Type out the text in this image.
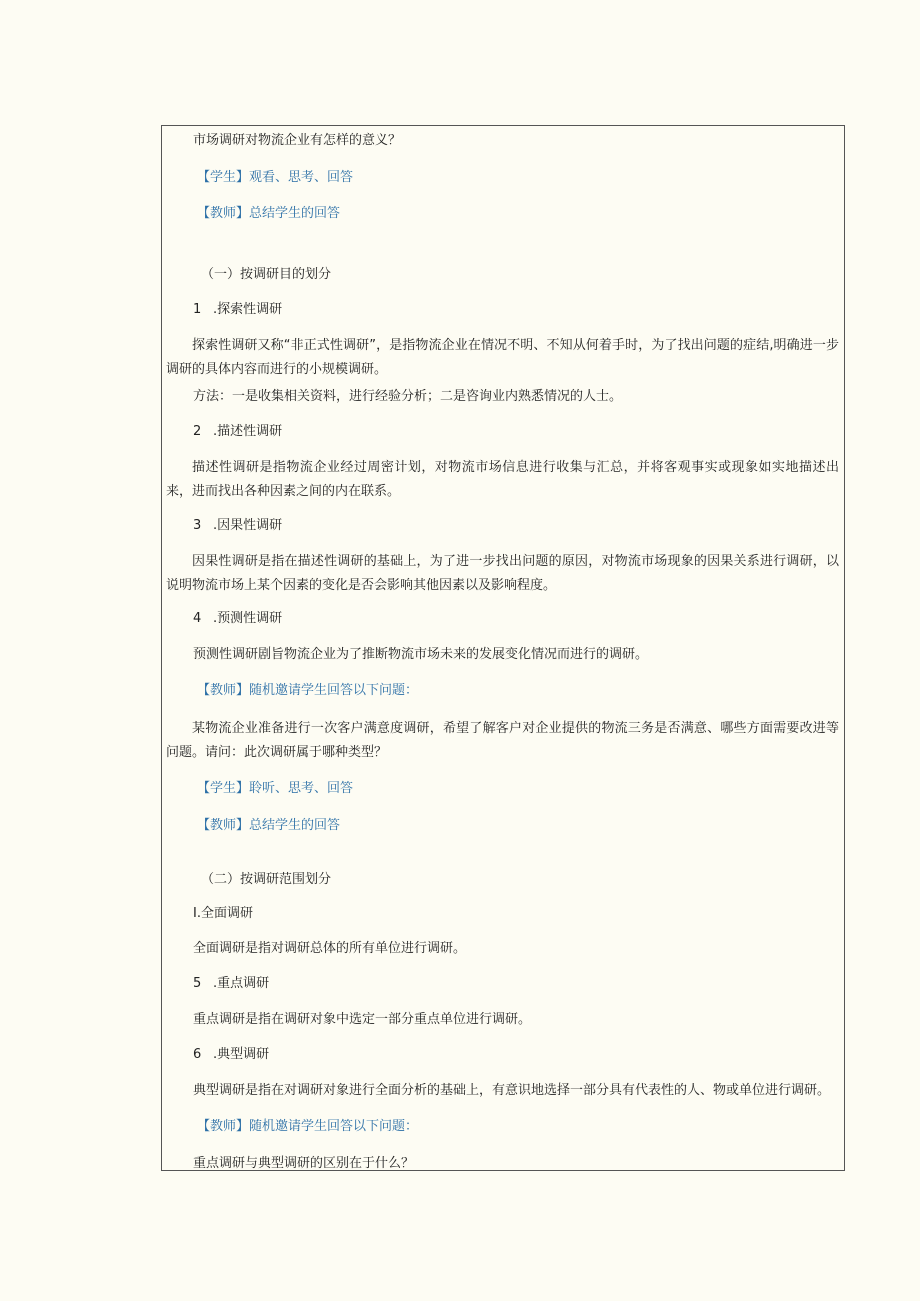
市场调研对物流企业有怎样的意义？
【学生】观看、思考、回答
【教师】总结学生的回答
（一）按调研目的划分
1 .探索性调研
探索性调研又称“非正式性调研”，是指物流企业在情况不明、不知从何着手时，为了找出问题的症结,明确进一步调研的具体内容而进行的小规模调研。
方法：一是收集相关资料，进行经验分析；二是咨询业内熟悉情况的人士。
2 .描述性调研
描述性调研是指物流企业经过周密计划，对物流市场信息进行收集与汇总，并将客观事实或现象如实地描述出来，进而找出各种因素之间的内在联系。
3 .因果性调研
因果性调研是指在描述性调研的基础上，为了进一步找出问题的原因，对物流市场现象的因果关系进行调研，以说明物流市场上某个因素的变化是否会影响其他因素以及影响程度。
4 .预测性调研
预测性调研剧旨物流企业为了推断物流市场未来的发展变化情况而进行的调研。
【教师】随机邀请学生回答以下问题：
某物流企业准备进行一次客户满意度调研，希望了解客户对企业提供的物流三务是否满意、哪些方面需要改进等问题。请问：此次调研属于哪种类型？
【学生】聆听、思考、回答
【教师】总结学生的回答
（二）按调研范围划分
I.全面调研
全面调研是指对调研总体的所有单位进行调研。
5 .重点调研
重点调研是指在调研对象中选定一部分重点单位进行调研。
6 .典型调研
典型调研是指在对调研对象进行全面分析的基础上，有意识地选择一部分具有代表性的人、物或单位进行调研。
【教师】随机邀请学生回答以下问题：
重点调研与典型调研的区别在于什么？
